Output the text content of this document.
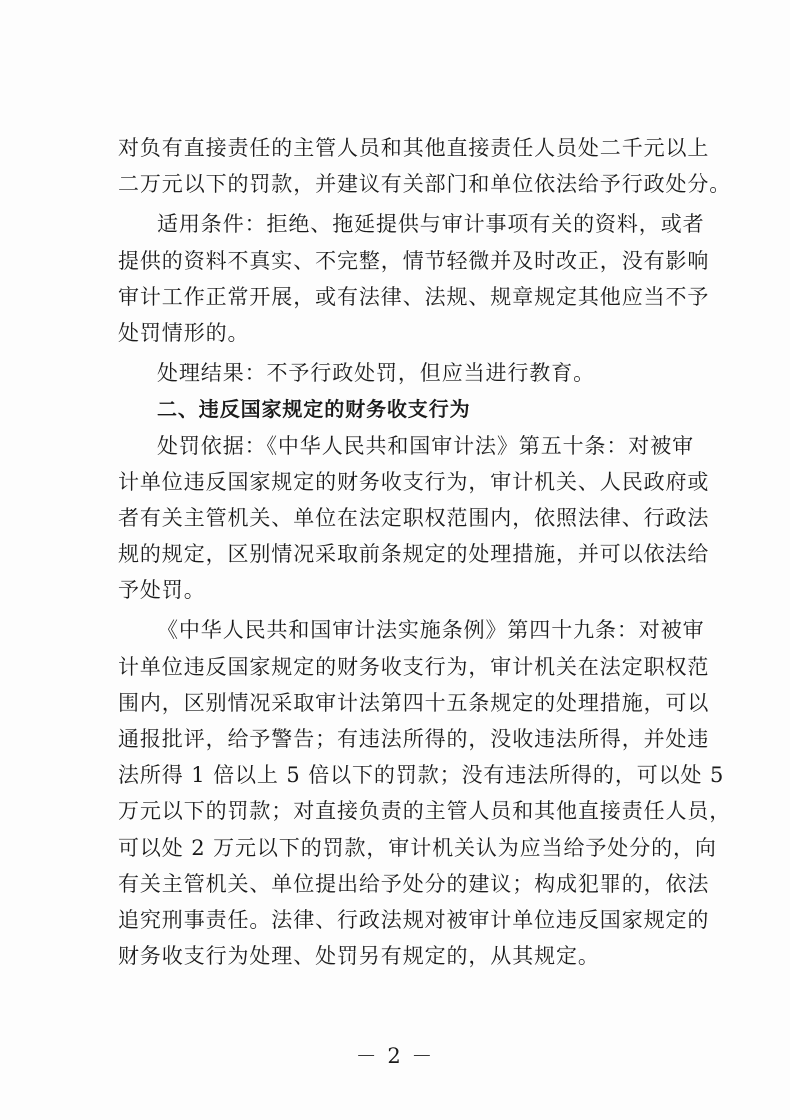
对负有直接责任的主管人员和其他直接责任人员处二千元以上
二万元以下的罚款，并建议有关部门和单位依法给予行政处分。
适用条件：拒绝、拖延提供与审计事项有关的资料，或者
提供的资料不真实、不完整，情节轻微并及时改正，没有影响
审计工作正常开展，或有法律、法规、规章规定其他应当不予
处罚情形的。
处理结果：不予行政处罚，但应当进行教育。
二、违反国家规定的财务收支行为
处罚依据：《中华人民共和国审计法》第五十条：对被审
计单位违反国家规定的财务收支行为，审计机关、人民政府或
者有关主管机关、单位在法定职权范围内，依照法律、行政法
规的规定，区别情况采取前条规定的处理措施，并可以依法给
予处罚。
《中华人民共和国审计法实施条例》第四十九条：对被审
计单位违反国家规定的财务收支行为，审计机关在法定职权范
围内，区别情况采取审计法第四十五条规定的处理措施，可以
通报批评，给予警告；有违法所得的，没收违法所得，并处违
法所得 1 倍以上 5 倍以下的罚款；没有违法所得的，可以处 5
万元以下的罚款；对直接负责的主管人员和其他直接责任人员，
可以处 2 万元以下的罚款，审计机关认为应当给予处分的，向
有关主管机关、单位提出给予处分的建议；构成犯罪的，依法
追究刑事责任。法律、行政法规对被审计单位违反国家规定的
财务收支行为处理、处罚另有规定的，从其规定。
－ 2 －
